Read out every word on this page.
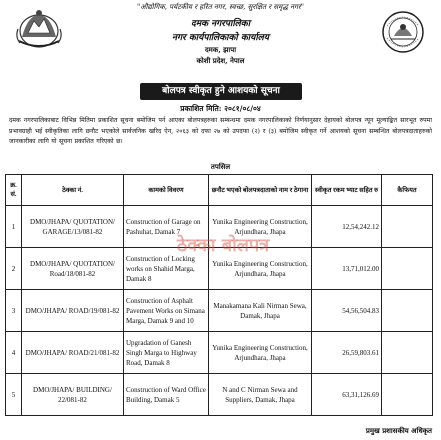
"औद्योगिक, पर्यटकीय र हरित नगर, स्वच्छ, सुरक्षित र समृद्ध नगर"
दमक नगरपालिका
नगर कार्यपालिकाको कार्यालय
दमक, झापा
कोशी प्रदेश, नेपाल
बोलपत्र स्वीकृत हुने आशयको सूचना
प्रकाशित मिति: २०८१/०८/०४
दमक नगरपालिकाबाट विभिन्न मितिमा प्रकाशित सूचना बमोजिम पर्न आएका बोलपत्रहरुका सम्बन्धमा दमक नगरपालिकाको निर्णयानुसार देहायको बोलपत्र न्यून मूल्याङ्कित सारभूत रुपमा प्रभावग्राही भई स्वीकृतिका लागि छनौट भएकोले सार्वजनिक खरिद ऐन, २०६३ को दफा २७ को उपदफा (२) र (३) बमोजिम स्वीकृत गर्ने आशयको सूचना सम्बन्धित बोलपत्रदाताहरुको जानकारीका लागि यो सूचना प्रकाशित गरिएको छ।
तपसिल
क्र. सं.	ठेक्का नं.	कामको विवरण	छनौट भएको बोलपत्रदाताको नाम र ठेगाना	स्वीकृत रकम भ्याट सहित रु	कैफियत
1	DMO/JHAPA/ QUOTATION/ GARAGE/13/081-82	Construction of Garage on Pashuhat, Damak 7	Yunika Engineering Construction, Arjundhara, Jhapa	12,54,242.12	
2	DMO/JHAPA/ QUOTATION/ Road/18/081-82	Construction of Locking works on Shahid Marga, Damak 8	Yunika Engineering Construction, Arjundhara, Jhapa	13,71,012.00	
3	DMO/JHAPA/ ROAD/19/081-82	Construction of Asphalt Pavement Works on Simana Marga, Damak 9 and 10	Manakamana Kali Nirman Sewa, Damak, Jhapa	54,56,504.83	
4	DMO/JHAPA/ ROAD/21/081-82	Upgradation of Ganesh Singh Marga to Highway Road, Damak 8	Yunika Engineering Construction, Arjundhara, Jhapa	26,59,803.61	
5	DMO/JHAPA/ BUILDING/ 22/081-82	Construction of Ward Office Building, Damak 5	N and C Nirman Sewa and Suppliers, Damak, Jhapa	63,31,126.69	
ठेक्का बोलपत्र
प्रमुख प्रशासकीय अधिकृत
